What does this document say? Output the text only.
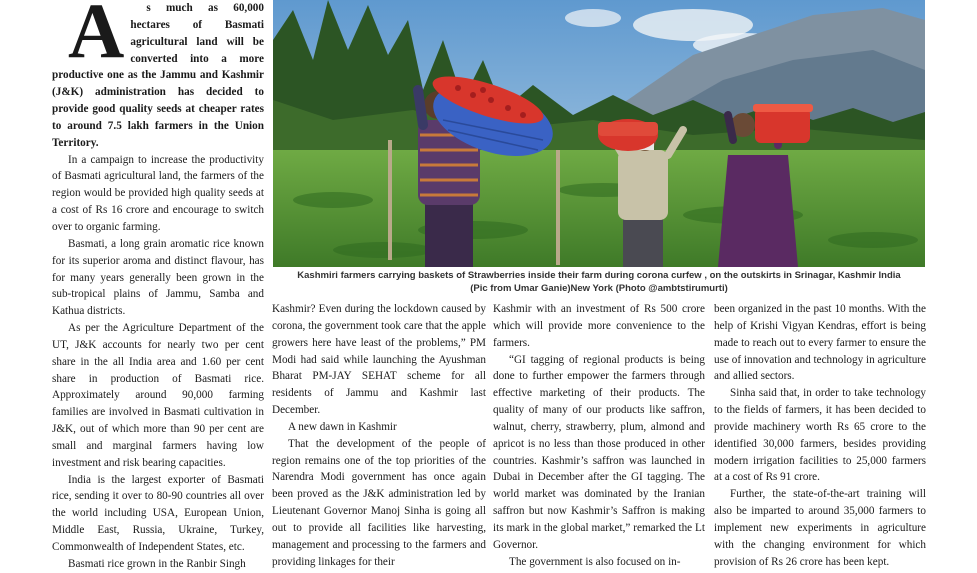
A s much as 60,000 hectares of Basmati agricultural land will be converted into a more productive one as the Jammu and Kashmir (J&K) administration has decided to provide good quality seeds at cheaper rates to around 7.5 lakh farmers in the Union Territory.

In a campaign to increase the productivity of Basmati agricultural land, the farmers of the region would be provided high quality seeds at a cost of Rs 16 crore and encourage to switch over to organic farming.

Basmati, a long grain aromatic rice known for its superior aroma and distinct flavour, has for many years generally been grown in the sub-tropical plains of Jammu, Samba and Kathua districts.

As per the Agriculture Department of the UT, J&K accounts for nearly two per cent share in the all India area and 1.60 per cent share in production of Basmati rice. Approximately around 90,000 farming families are involved in Basmati cultivation in J&K, out of which more than 90 per cent are small and marginal farmers having low investment and risk bearing capacities.

India is the largest exporter of Basmati rice, sending it over to 80-90 countries all over the world including USA, European Union, Middle East, Russia, Ukraine, Turkey, Commonwealth of Independent States, etc.

Basmati rice grown in the Ranbir Singh

Kashmiri farmers carrying baskets of Strawberries inside their farm during corona curfew , on the outskirts in Srinagar, Kashmir India
(Pic from Umar Ganie)New York (Photo @ambtstirumurti)

Kashmir? Even during the lockdown caused by corona, the government took care that the apple growers here have least of the problems,” PM Modi had said while launching the Ayushman Bharat PM-JAY SEHAT scheme for all residents of Jammu and Kashmir last December.

A new dawn in Kashmir

That the development of the people of region remains one of the top priorities of the Narendra Modi government has once again been proved as the J&K administration led by Lieutenant Governor Manoj Sinha is going all out to provide all facilities like harvesting, management and processing to the farmers and providing linkages for their

Kashmir with an investment of Rs 500 crore which will provide more convenience to the farmers.

“GI tagging of regional products is being done to further empower the farmers through effective marketing of their products. The quality of many of our products like saffron, walnut, cherry, strawberry, plum, almond and apricot is no less than those produced in other countries. Kashmir’s saffron was launched in Dubai in December after the GI tagging. The world market was dominated by the Iranian saffron but now Kashmir’s Saffron is making its mark in the global market,” remarked the Lt Governor.

The government is also focused on in-

been organized in the past 10 months. With the help of Krishi Vigyan Kendras, effort is being made to reach out to every farmer to ensure the use of innovation and technology in agriculture and allied sectors.

Sinha said that, in order to take technology to the fields of farmers, it has been decided to provide machinery worth Rs 65 crore to the identified 30,000 farmers, besides providing modern irrigation facilities to 25,000 farmers at a cost of Rs 91 crore.

Further, the state-of-the-art training will also be imparted to around 35,000 farmers to implement new experiments in agriculture with the changing environment for which provision of Rs 26 crore has been kept.
